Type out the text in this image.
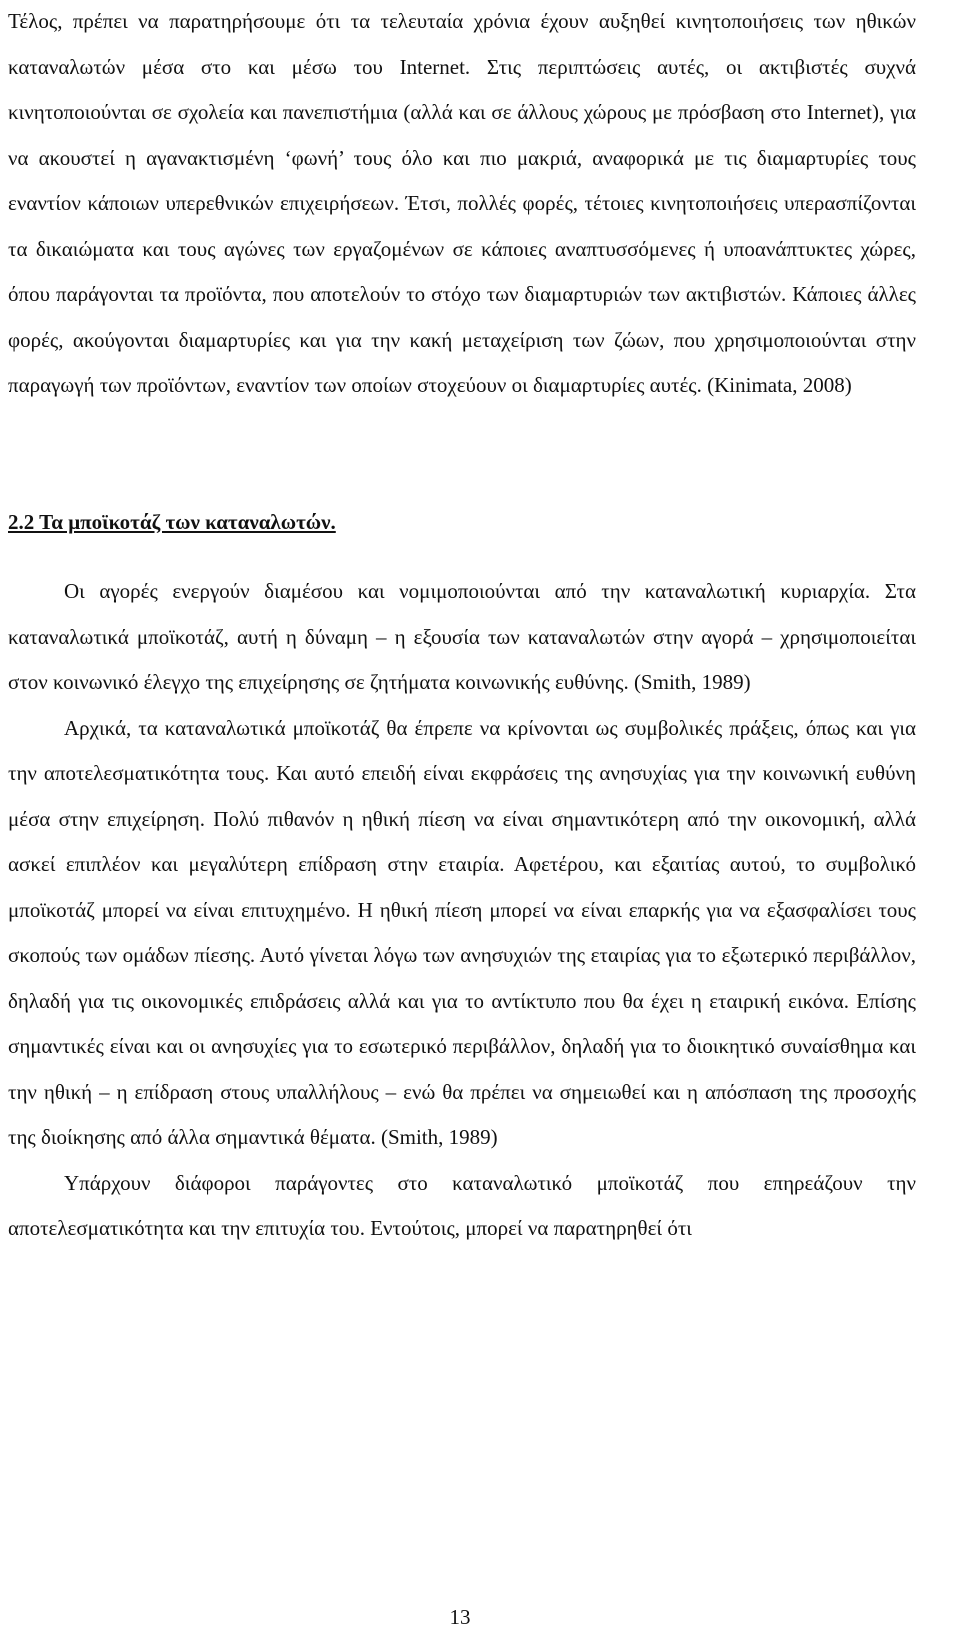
Τέλος, πρέπει να παρατηρήσουμε ότι τα τελευταία χρόνια έχουν αυξηθεί κινητοποιήσεις των ηθικών καταναλωτών μέσα στο και μέσω του Internet. Στις περιπτώσεις αυτές, οι ακτιβιστές συχνά κινητοποιούνται σε σχολεία και πανεπιστήμια (αλλά και σε άλλους χώρους με πρόσβαση στο Internet), για να ακουστεί η αγανακτισμένη ‘φωνή’ τους όλο και πιο μακριά, αναφορικά με τις διαμαρτυρίες τους εναντίον κάποιων υπερεθνικών επιχειρήσεων. Έτσι, πολλές φορές, τέτοιες κινητοποιήσεις υπερασπίζονται τα δικαιώματα και τους αγώνες των εργαζομένων σε κάποιες αναπτυσσόμενες ή υποανάπτυκτες χώρες, όπου παράγονται τα προϊόντα, που αποτελούν το στόχο των διαμαρτυριών των ακτιβιστών. Κάποιες άλλες φορές, ακούγονται διαμαρτυρίες και για την κακή μεταχείριση των ζώων, που χρησιμοποιούνται στην παραγωγή των προϊόντων, εναντίον των οποίων στοχεύουν οι διαμαρτυρίες αυτές. (Kinimata, 2008)

2.2 Τα μποϊκοτάζ των καταναλωτών.

Οι αγορές ενεργούν διαμέσου και νομιμοποιούνται από την καταναλωτική κυριαρχία. Στα καταναλωτικά μποϊκοτάζ, αυτή η δύναμη – η εξουσία των καταναλωτών στην αγορά – χρησιμοποιείται στον κοινωνικό έλεγχο της επιχείρησης σε ζητήματα κοινωνικής ευθύνης. (Smith, 1989)

Αρχικά, τα καταναλωτικά μποϊκοτάζ θα έπρεπε να κρίνονται ως συμβολικές πράξεις, όπως και για την αποτελεσματικότητα τους. Και αυτό επειδή είναι εκφράσεις της ανησυχίας για την κοινωνική ευθύνη μέσα στην επιχείρηση. Πολύ πιθανόν η ηθική πίεση να είναι σημαντικότερη από την οικονομική, αλλά ασκεί επιπλέον και μεγαλύτερη επίδραση στην εταιρία. Αφετέρου, και εξαιτίας αυτού, το συμβολικό μποϊκοτάζ μπορεί να είναι επιτυχημένο. Η ηθική πίεση μπορεί να είναι επαρκής για να εξασφαλίσει τους σκοπούς των ομάδων πίεσης. Αυτό γίνεται λόγω των ανησυχιών της εταιρίας για το εξωτερικό περιβάλλον, δηλαδή για τις οικονομικές επιδράσεις αλλά και για το αντίκτυπο που θα έχει η εταιρική εικόνα. Επίσης σημαντικές είναι και οι ανησυχίες για το εσωτερικό περιβάλλον, δηλαδή για το διοικητικό συναίσθημα και την ηθική – η επίδραση στους υπαλλήλους – ενώ θα πρέπει να σημειωθεί και η απόσπαση της προσοχής της διοίκησης από άλλα σημαντικά θέματα. (Smith, 1989)

Υπάρχουν διάφοροι παράγοντες στο καταναλωτικό μποϊκοτάζ που επηρεάζουν την αποτελεσματικότητα και την επιτυχία του. Εντούτοις, μπορεί να παρατηρηθεί ότι

13
